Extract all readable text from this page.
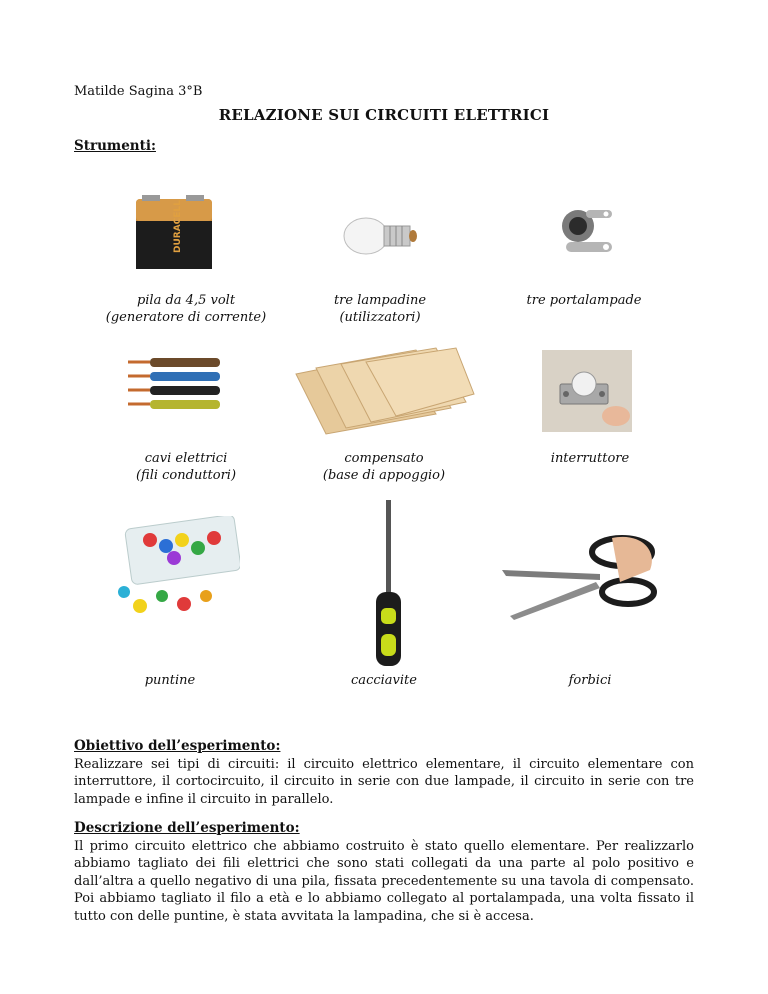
Matilde Sagina 3°B
RELAZIONE SUI CIRCUITI ELETTRICI
Strumenti:
DURACELL
pila da 4,5 volt
(generatore di corrente)
tre lampadine
(utilizzatori)
tre portalampade
cavi elettrici
(fili conduttori)
compensato
(base di appoggio)
interruttore
puntine	cacciavite	forbici
Obiettivo dell’esperimento:
Realizzare sei tipi di circuiti: il circuito elettrico elementare, il circuito elementare con interruttore, il cortocircuito, il circuito in serie con due lampade, il circuito in serie con tre lampade e infine il circuito in parallelo.
Descrizione dell’esperimento:
Il primo circuito elettrico che abbiamo costruito è stato quello elementare. Per realizzarlo abbiamo tagliato dei fili elettrici che sono stati collegati da una parte al polo positivo e dall’altra a quello negativo di una pila, fissata precedentemente su una tavola di compensato. Poi abbiamo tagliato il filo a età e lo abbiamo collegato al portalampada, una volta fissato il tutto con delle puntine, è stata avvitata la lampadina, che si è accesa.
